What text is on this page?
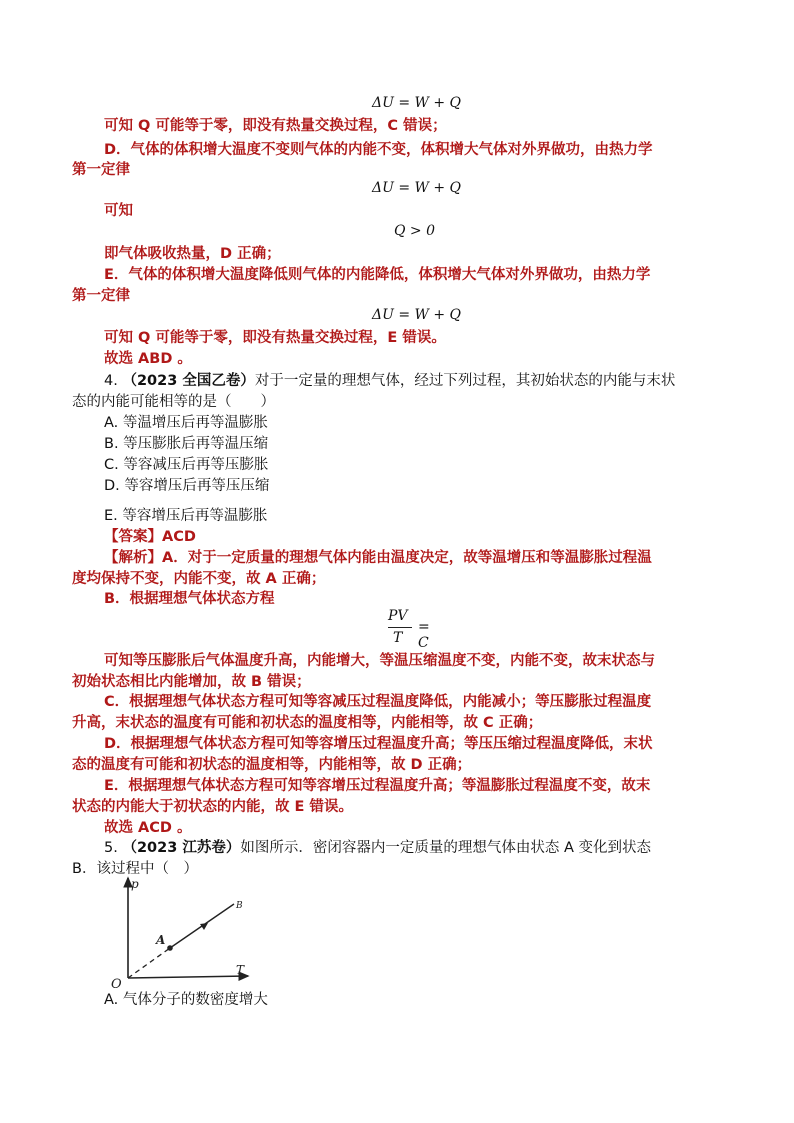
ΔU = W + Q
可知 Q 可能等于零，即没有热量交换过程，C 错误；
D．气体的体积增大温度不变则气体的内能不变，体积增大气体对外界做功，由热力学
第一定律
ΔU = W + Q
可知
Q > 0
即气体吸收热量，D 正确；
E．气体的体积增大温度降低则气体的内能降低，体积增大气体对外界做功，由热力学
第一定律
ΔU = W + Q
可知 Q 可能等于零，即没有热量交换过程，E 错误。
故选 ABD 。
4. （2023 全国乙卷）对于一定量的理想气体，经过下列过程，其初始状态的内能与末状
态的内能可能相等的是（　　）
A. 等温增压后再等温膨胀
B. 等压膨胀后再等温压缩
C. 等容减压后再等压膨胀
D. 等容增压后再等压压缩
E. 等容增压后再等温膨胀
【答案】ACD
【解析】A．对于一定质量的理想气体内能由温度决定，故等温增压和等温膨胀过程温
度均保持不变，内能不变，故 A 正确；
B．根据理想气体状态方程
PV
T
= C
可知等压膨胀后气体温度升高，内能增大，等温压缩温度不变，内能不变，故末状态与
初始状态相比内能增加，故 B 错误；
C．根据理想气体状态方程可知等容减压过程温度降低，内能减小；等压膨胀过程温度
升高，末状态的温度有可能和初状态的温度相等，内能相等，故 C 正确；
D．根据理想气体状态方程可知等容增压过程温度升高；等压压缩过程温度降低，末状
态的温度有可能和初状态的温度相等，内能相等，故 D 正确；
E．根据理想气体状态方程可知等容增压过程温度升高；等温膨胀过程温度不变，故末
状态的内能大于初状态的内能，故 E 错误。
故选 ACD 。
5. （2023 江苏卷）如图所示．密闭容器内一定质量的理想气体由状态 A 变化到状态
B．该过程中（　）
p
T
O
A
B
A. 气体分子的数密度增大
